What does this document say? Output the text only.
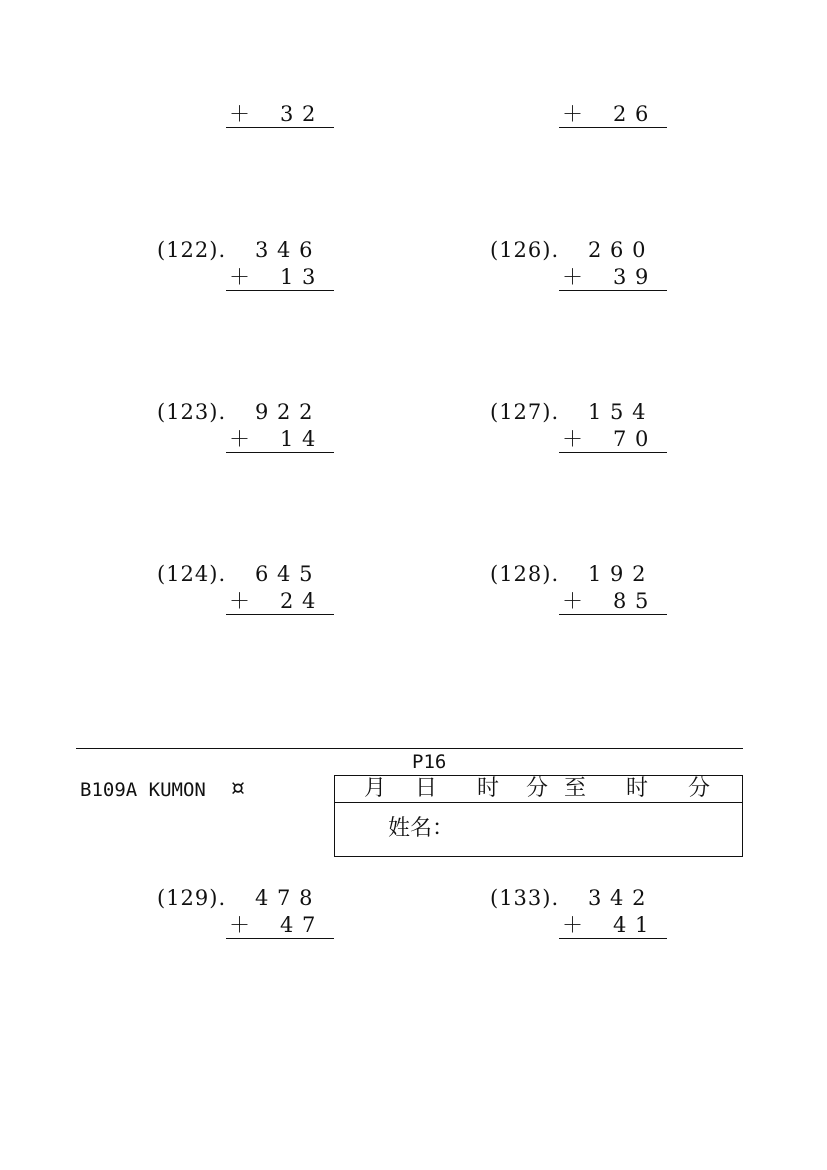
＋ 3 2	＋ 2 6
(122). 3 4 6
＋ 1 3
(126). 2 6 0
＋ 3 9
(123). 9 2 2
＋ 1 4
(127). 1 5 4
＋ 7 0
(124). 6 4 5
＋ 2 4
(128). 1 9 2
＋ 8 5
P16
B109A KUMON ¤	月 日 时 分 至 时 分
姓名：
(129). 4 7 8
＋ 4 7
(133). 3 4 2
＋ 4 1
